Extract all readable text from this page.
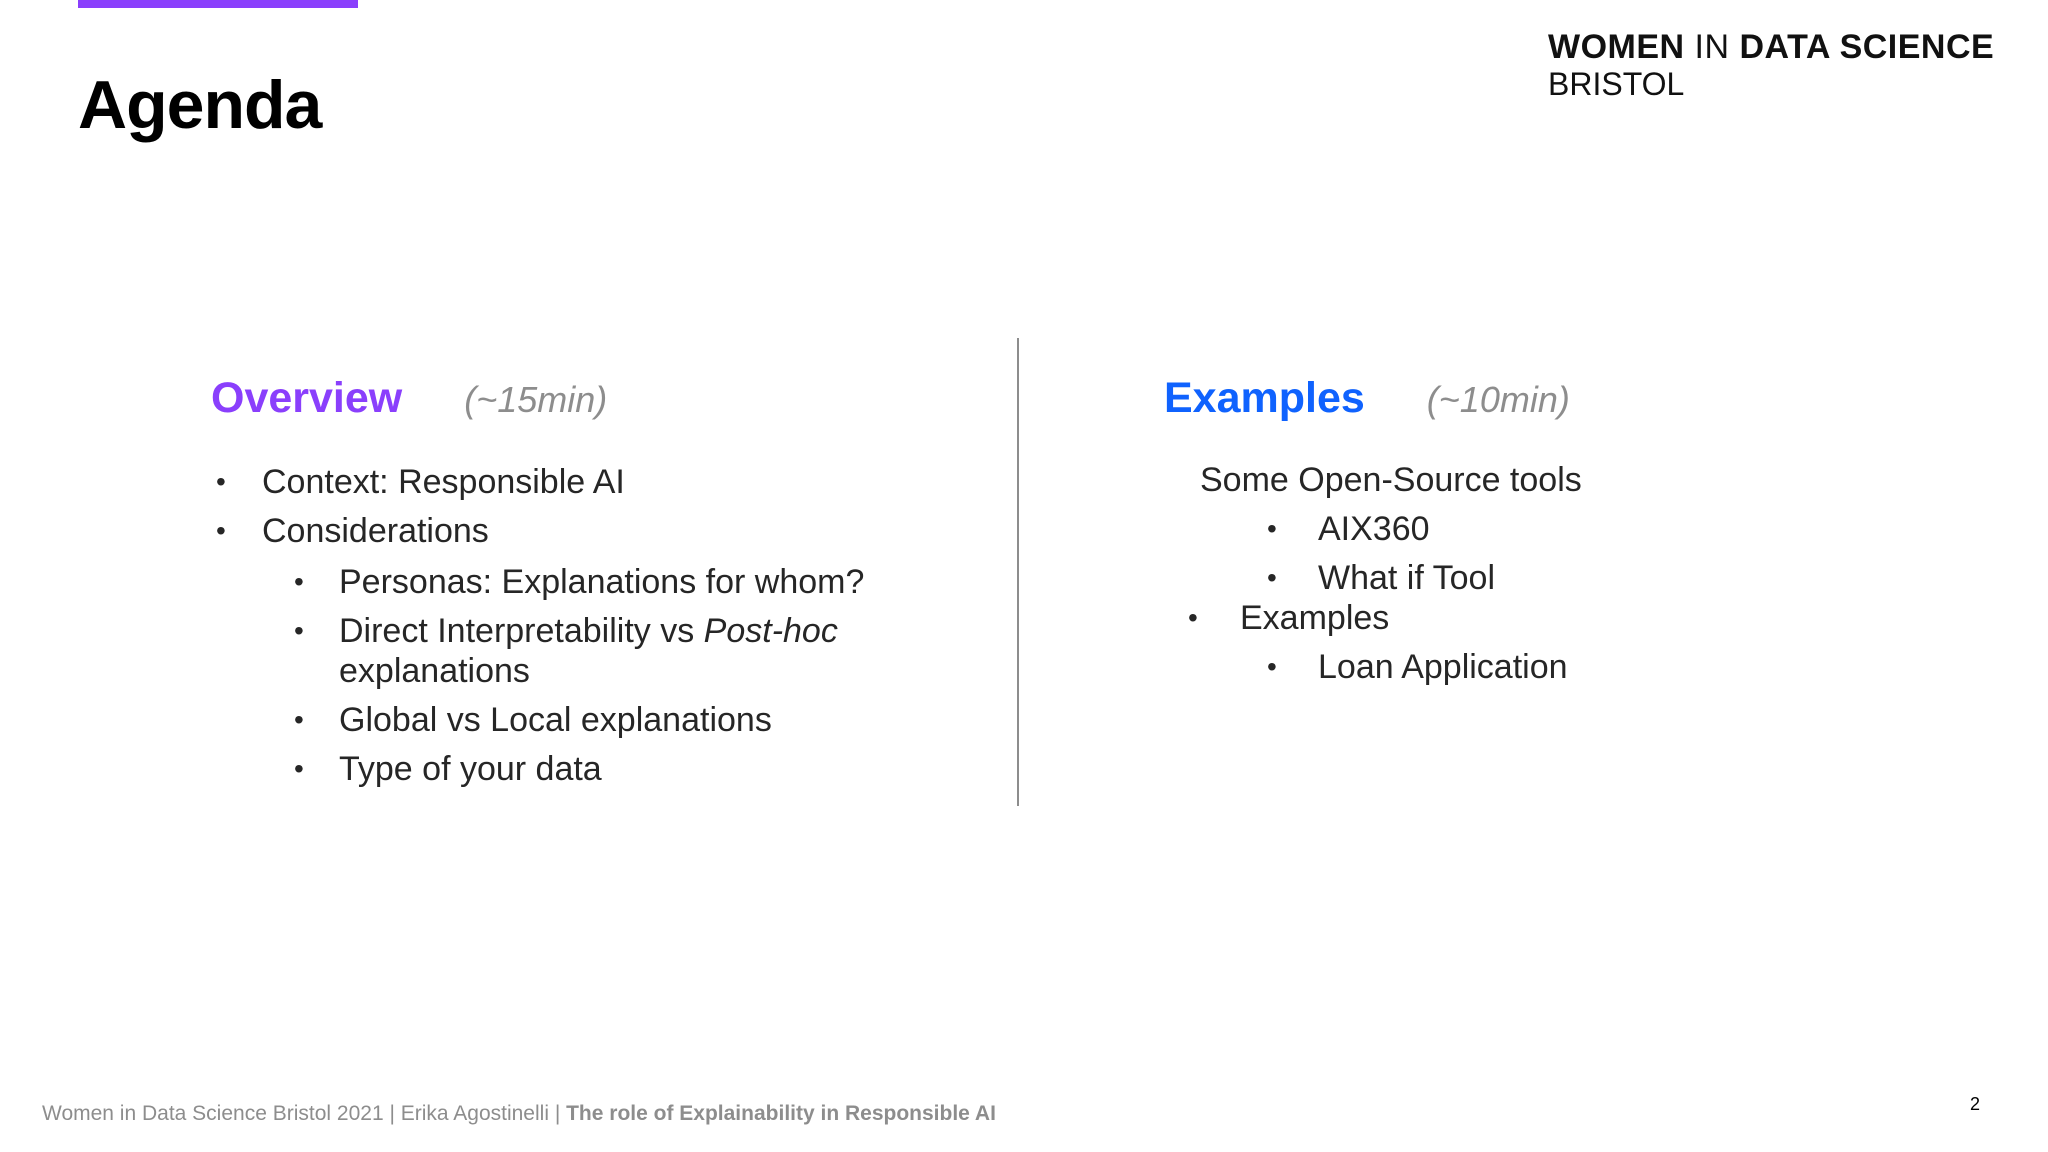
Agenda
WOMEN IN DATA SCIENCE
BRISTOL
Overview (~15min)
• Context: Responsible AI
• Considerations
• Personas: Explanations for whom?
• Direct Interpretability vs Post-hoc
explanations
• Global vs Local explanations
• Type of your data
Examples (~10min)
Some Open-Source tools
• AIX360
• What if Tool
• Examples
• Loan Application
Women in Data Science Bristol 2021 | Erika Agostinelli | The role of Explainability in Responsible AI	2
